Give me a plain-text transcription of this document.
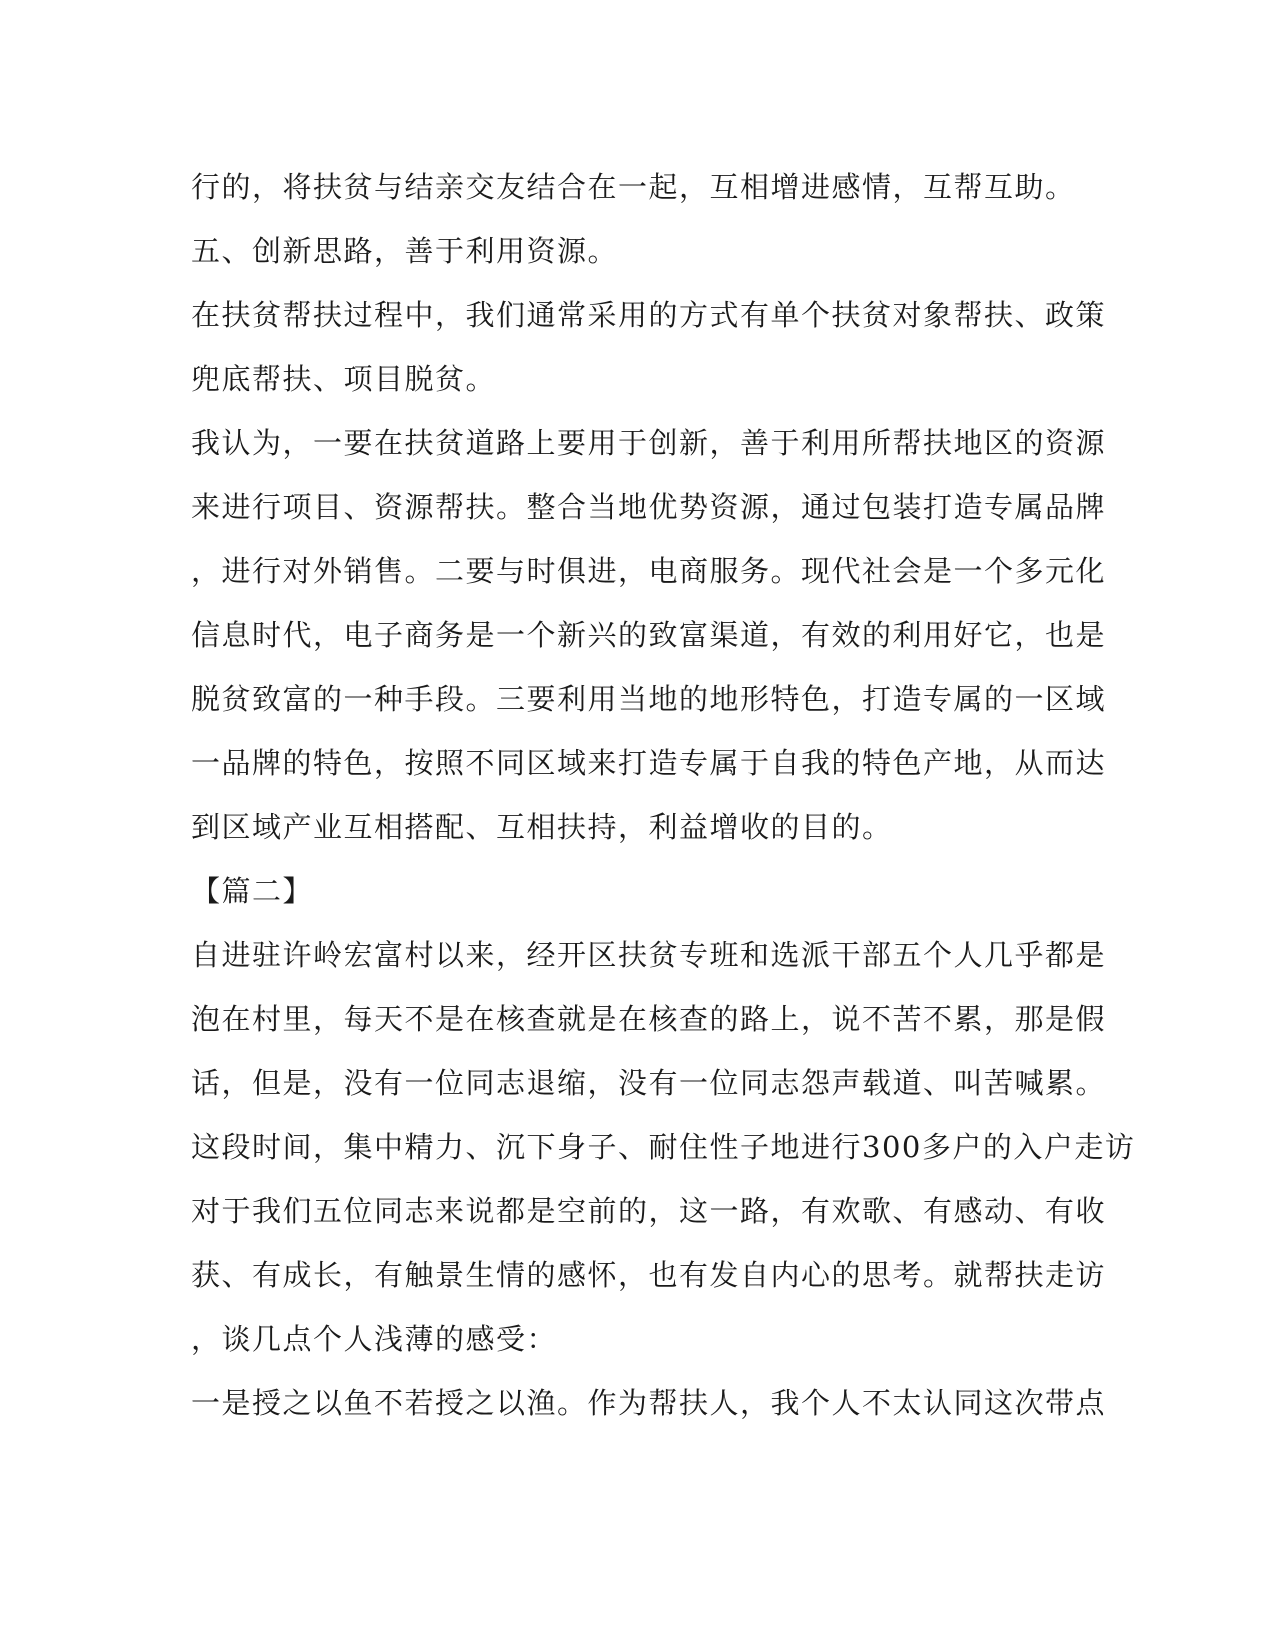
行的，将扶贫与结亲交友结合在一起，互相增进感情，互帮互助。
五、创新思路，善于利用资源。
在扶贫帮扶过程中，我们通常采用的方式有单个扶贫对象帮扶、政策
兜底帮扶、项目脱贫。
我认为，一要在扶贫道路上要用于创新，善于利用所帮扶地区的资源
来进行项目、资源帮扶。整合当地优势资源，通过包装打造专属品牌
，进行对外销售。二要与时俱进，电商服务。现代社会是一个多元化
信息时代，电子商务是一个新兴的致富渠道，有效的利用好它，也是
脱贫致富的一种手段。三要利用当地的地形特色，打造专属的一区域
一品牌的特色，按照不同区域来打造专属于自我的特色产地，从而达
到区域产业互相搭配、互相扶持，利益增收的目的。
【篇二】
自进驻许岭宏富村以来，经开区扶贫专班和选派干部五个人几乎都是
泡在村里，每天不是在核查就是在核查的路上，说不苦不累，那是假
话，但是，没有一位同志退缩，没有一位同志怨声载道、叫苦喊累。
这段时间，集中精力、沉下身子、耐住性子地进行300多户的入户走访
对于我们五位同志来说都是空前的，这一路，有欢歌、有感动、有收
获、有成长，有触景生情的感怀，也有发自内心的思考。就帮扶走访
，谈几点个人浅薄的感受：
一是授之以鱼不若授之以渔。作为帮扶人，我个人不太认同这次带点
